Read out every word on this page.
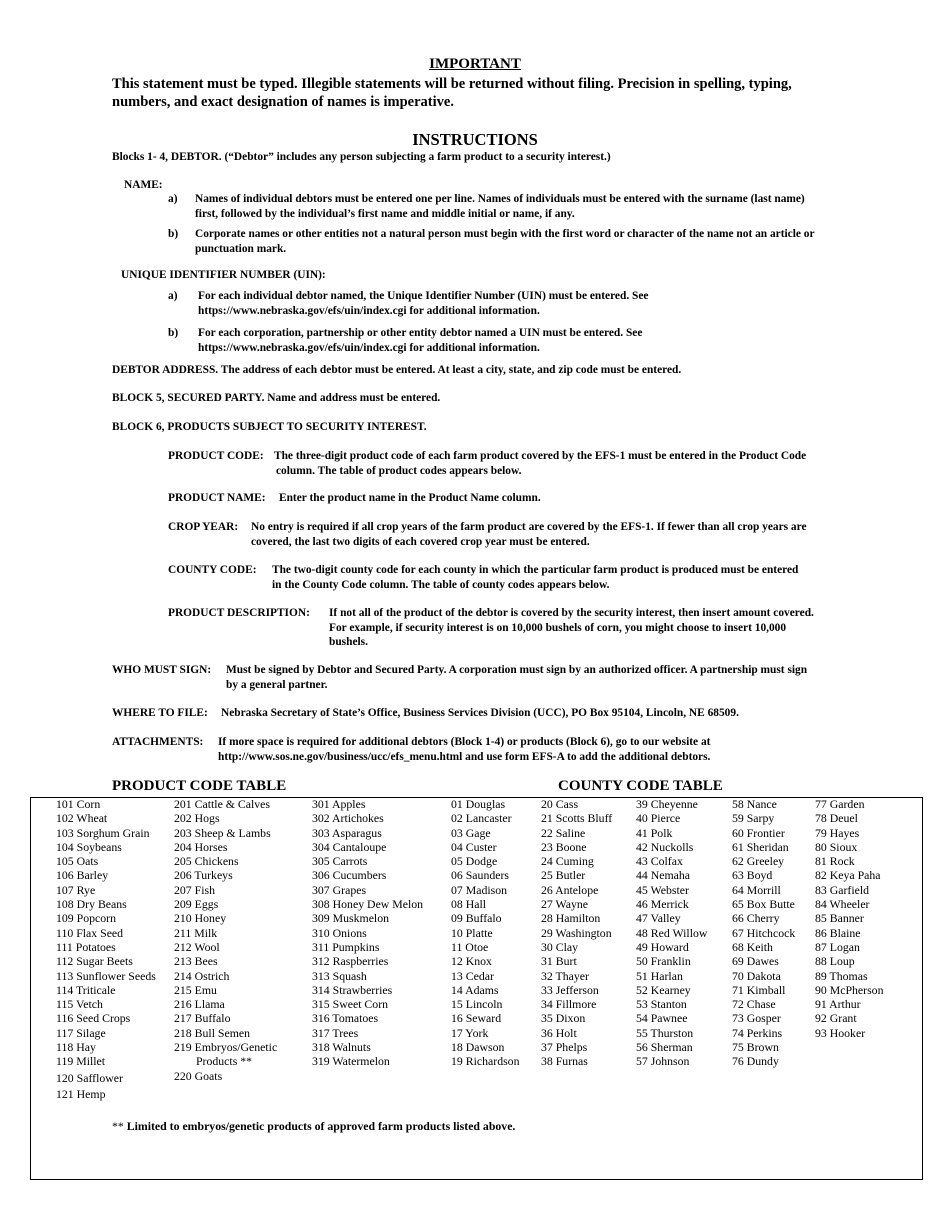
IMPORTANT
This statement must be typed. Illegible statements will be returned without filing. Precision in spelling, typing, numbers, and exact designation of names is imperative.
INSTRUCTIONS
Blocks 1- 4, DEBTOR. (“Debtor” includes any person subjecting a farm product to a security interest.)
NAME:
a) Names of individual debtors must be entered one per line. Names of individuals must be entered with the surname (last name) first, followed by the individual’s first name and middle initial or name, if any.
b) Corporate names or other entities not a natural person must begin with the first word or character of the name not an article or punctuation mark.
UNIQUE IDENTIFIER NUMBER (UIN):
a) For each individual debtor named, the Unique Identifier Number (UIN) must be entered. See https://www.nebraska.gov/efs/uin/index.cgi for additional information.
b) For each corporation, partnership or other entity debtor named a UIN must be entered. See https://www.nebraska.gov/efs/uin/index.cgi for additional information.
DEBTOR ADDRESS. The address of each debtor must be entered. At least a city, state, and zip code must be entered.
BLOCK 5, SECURED PARTY. Name and address must be entered.
BLOCK 6, PRODUCTS SUBJECT TO SECURITY INTEREST.
PRODUCT CODE: The three-digit product code of each farm product covered by the EFS-1 must be entered in the Product Code column. The table of product codes appears below.
PRODUCT NAME: Enter the product name in the Product Name column.
CROP YEAR: No entry is required if all crop years of the farm product are covered by the EFS-1. If fewer than all crop years are covered, the last two digits of each covered crop year must be entered.
COUNTY CODE: The two-digit county code for each county in which the particular farm product is produced must be entered in the County Code column. The table of county codes appears below.
PRODUCT DESCRIPTION: If not all of the product of the debtor is covered by the security interest, then insert amount covered. For example, if security interest is on 10,000 bushels of corn, you might choose to insert 10,000 bushels.
WHO MUST SIGN: Must be signed by Debtor and Secured Party. A corporation must sign by an authorized officer. A partnership must sign by a general partner.
WHERE TO FILE: Nebraska Secretary of State’s Office, Business Services Division (UCC), PO Box 95104, Lincoln, NE 68509.
ATTACHMENTS: If more space is required for additional debtors (Block 1-4) or products (Block 6), go to our website at http://www.sos.ne.gov/business/ucc/efs_menu.html and use form EFS-A to add the additional debtors.
PRODUCT CODE TABLE	COUNTY CODE TABLE
101 Corn
102 Wheat
103 Sorghum Grain
104 Soybeans
105 Oats
106 Barley
107 Rye
108 Dry Beans
109 Popcorn
110 Flax Seed
111 Potatoes
112 Sugar Beets
113 Sunflower Seeds
114 Triticale
115 Vetch
116 Seed Crops
117 Silage
118 Hay
119 Millet
120 Safflower
121 Hemp
201 Cattle & Calves
202 Hogs
203 Sheep & Lambs
204 Horses
205 Chickens
206 Turkeys
207 Fish
209 Eggs
210 Honey
211 Milk
212 Wool
213 Bees
214 Ostrich
215 Emu
216 Llama
217 Buffalo
218 Bull Semen
219 Embryos/Genetic
Products **
220 Goats
301 Apples
302 Artichokes
303 Asparagus
304 Cantaloupe
305 Carrots
306 Cucumbers
307 Grapes
308 Honey Dew Melon
309 Muskmelon
310 Onions
311 Pumpkins
312 Raspberries
313 Squash
314 Strawberries
315 Sweet Corn
316 Tomatoes
317 Trees
318 Walnuts
319 Watermelon
01 Douglas
02 Lancaster
03 Gage
04 Custer
05 Dodge
06 Saunders
07 Madison
08 Hall
09 Buffalo
10 Platte
11 Otoe
12 Knox
13 Cedar
14 Adams
15 Lincoln
16 Seward
17 York
18 Dawson
19 Richardson
20 Cass
21 Scotts Bluff
22 Saline
23 Boone
24 Cuming
25 Butler
26 Antelope
27 Wayne
28 Hamilton
29 Washington
30 Clay
31 Burt
32 Thayer
33 Jefferson
34 Fillmore
35 Dixon
36 Holt
37 Phelps
38 Furnas
39 Cheyenne
40 Pierce
41 Polk
42 Nuckolls
43 Colfax
44 Nemaha
45 Webster
46 Merrick
47 Valley
48 Red Willow
49 Howard
50 Franklin
51 Harlan
52 Kearney
53 Stanton
54 Pawnee
55 Thurston
56 Sherman
57 Johnson
58 Nance
59 Sarpy
60 Frontier
61 Sheridan
62 Greeley
63 Boyd
64 Morrill
65 Box Butte
66 Cherry
67 Hitchcock
68 Keith
69 Dawes
70 Dakota
71 Kimball
72 Chase
73 Gosper
74 Perkins
75 Brown
76 Dundy
77 Garden
78 Deuel
79 Hayes
80 Sioux
81 Rock
82 Keya Paha
83 Garfield
84 Wheeler
85 Banner
86 Blaine
87 Logan
88 Loup
89 Thomas
90 McPherson
91 Arthur
92 Grant
93 Hooker
** Limited to embryos/genetic products of approved farm products listed above.
